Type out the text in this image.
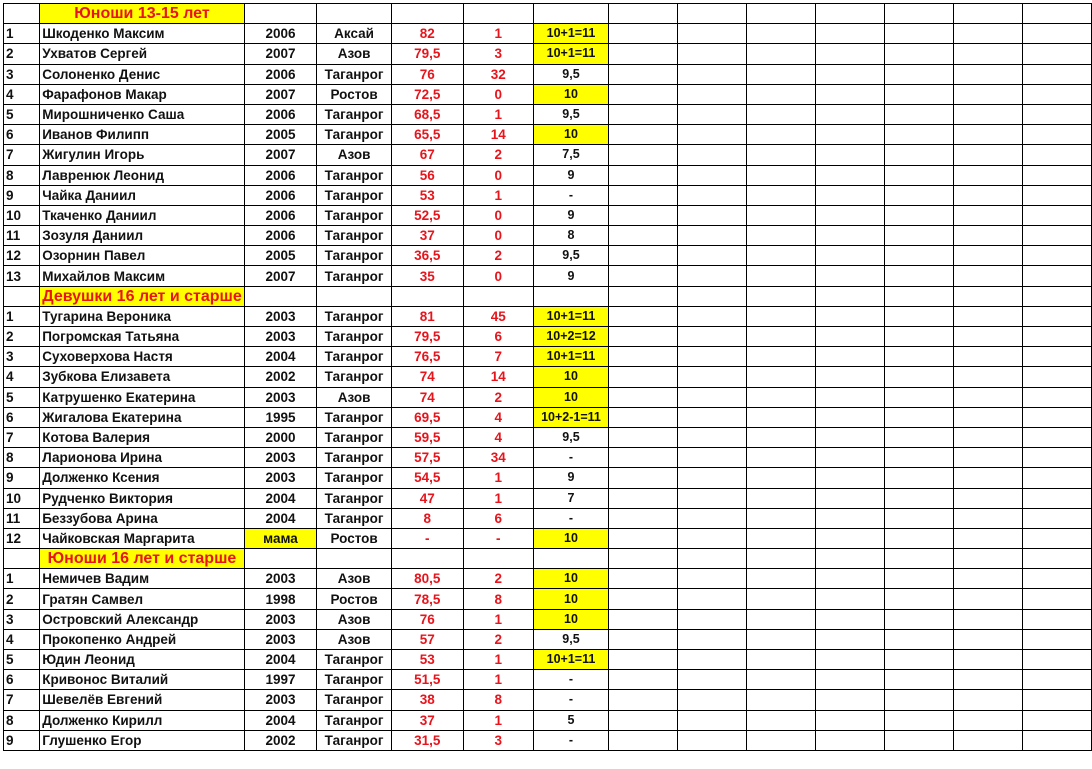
	Юноши 13-15 лет												
1	Шкоденко Максим	2006	Аксай	82	1	10+1=11							
2	Ухватов Сергей	2007	Азов	79,5	3	10+1=11							
3	Солоненко Денис	2006	Таганрог	76	32	9,5							
4	Фарафонов Макар	2007	Ростов	72,5	0	10							
5	Мирошниченко Саша	2006	Таганрог	68,5	1	9,5							
6	Иванов Филипп	2005	Таганрог	65,5	14	10							
7	Жигулин Игорь	2007	Азов	67	2	7,5							
8	Лавренюк Леонид	2006	Таганрог	56	0	9							
9	Чайка Даниил	2006	Таганрог	53	1	-							
10	Ткаченко Даниил	2006	Таганрог	52,5	0	9							
11	Зозуля Даниил	2006	Таганрог	37	0	8							
12	Озорнин Павел	2005	Таганрог	36,5	2	9,5							
13	Михайлов Максим	2007	Таганрог	35	0	9							
	Девушки 16 лет и старше												
1	Тугарина Вероника	2003	Таганрог	81	45	10+1=11							
2	Погромская Татьяна	2003	Таганрог	79,5	6	10+2=12							
3	Суховерхова Настя	2004	Таганрог	76,5	7	10+1=11							
4	Зубкова Елизавета	2002	Таганрог	74	14	10							
5	Катрушенко Екатерина	2003	Азов	74	2	10							
6	Жигалова Екатерина	1995	Таганрог	69,5	4	10+2-1=11							
7	Котова Валерия	2000	Таганрог	59,5	4	9,5							
8	Ларионова Ирина	2003	Таганрог	57,5	34	-							
9	Долженко Ксения	2003	Таганрог	54,5	1	9							
10	Рудченко Виктория	2004	Таганрог	47	1	7							
11	Беззубова Арина	2004	Таганрог	8	6	-							
12	Чайковская Маргарита	мама	Ростов	-	-	10							
	Юноши 16 лет и старше												
1	Немичев Вадим	2003	Азов	80,5	2	10							
2	Гратян Самвел	1998	Ростов	78,5	8	10							
3	Островский Александр	2003	Азов	76	1	10							
4	Прокопенко Андрей	2003	Азов	57	2	9,5							
5	Юдин Леонид	2004	Таганрог	53	1	10+1=11							
6	Кривонос Виталий	1997	Таганрог	51,5	1	-							
7	Шевелёв Евгений	2003	Таганрог	38	8	-							
8	Долженко Кирилл	2004	Таганрог	37	1	5							
9	Глушенко Егор	2002	Таганрог	31,5	3	-							
